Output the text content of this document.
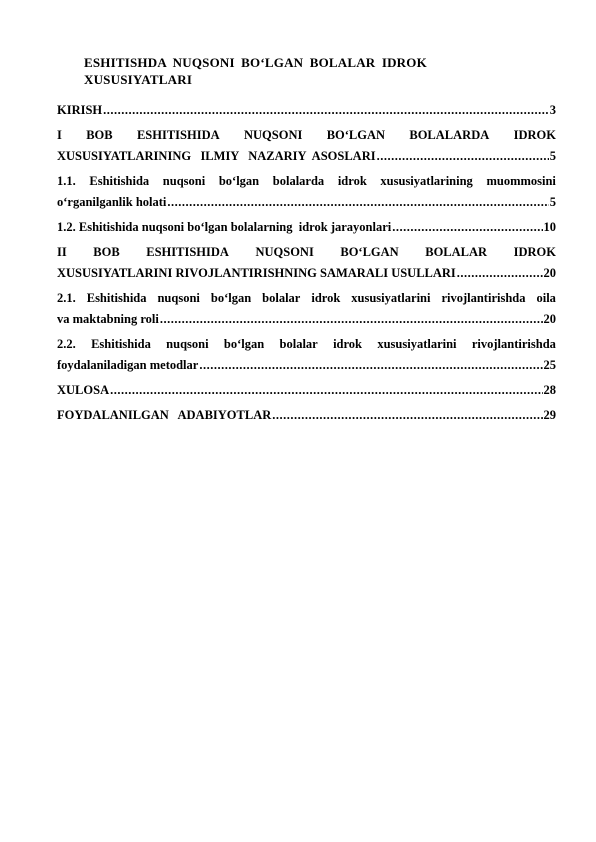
ESHITISHDA NUQSONI BO‘LGAN BOLALAR IDROK
XUSUSIYATLARI
KIRISH .....	3
I BOB ESHITISHIDA NUQSONI BO‘LGAN BOLALARDA IDROK
XUSUSIYATLARINING   ILMIY   NAZARIY  ASOSLARI .....	5
1.1. Eshitishida nuqsoni bo‘lgan bolalarda idrok xususiyatlarining muommosini
o‘rganilganlik holati .....	5
1.2. Eshitishida nuqsoni bo‘lgan bolalarning  idrok jarayonlari .....	10
II BOB ESHITISHIDA NUQSONI BO‘LGAN BOLALAR IDROK
XUSUSIYATLARINI RIVOJLANTIRISHNING SAMARALI USULLARI .....	20
2.1. Eshitishida nuqsoni bo‘lgan bolalar idrok xususiyatlarini rivojlantirishda oila
va maktabning roli .....	20
2.2. Eshitishida nuqsoni bo‘lgan bolalar idrok xususiyatlarini rivojlantirishda
foydalaniladigan metodlar .....	25
XULOSA .....	28
FOYDALANILGAN   ADABIYOTLAR .....	29
